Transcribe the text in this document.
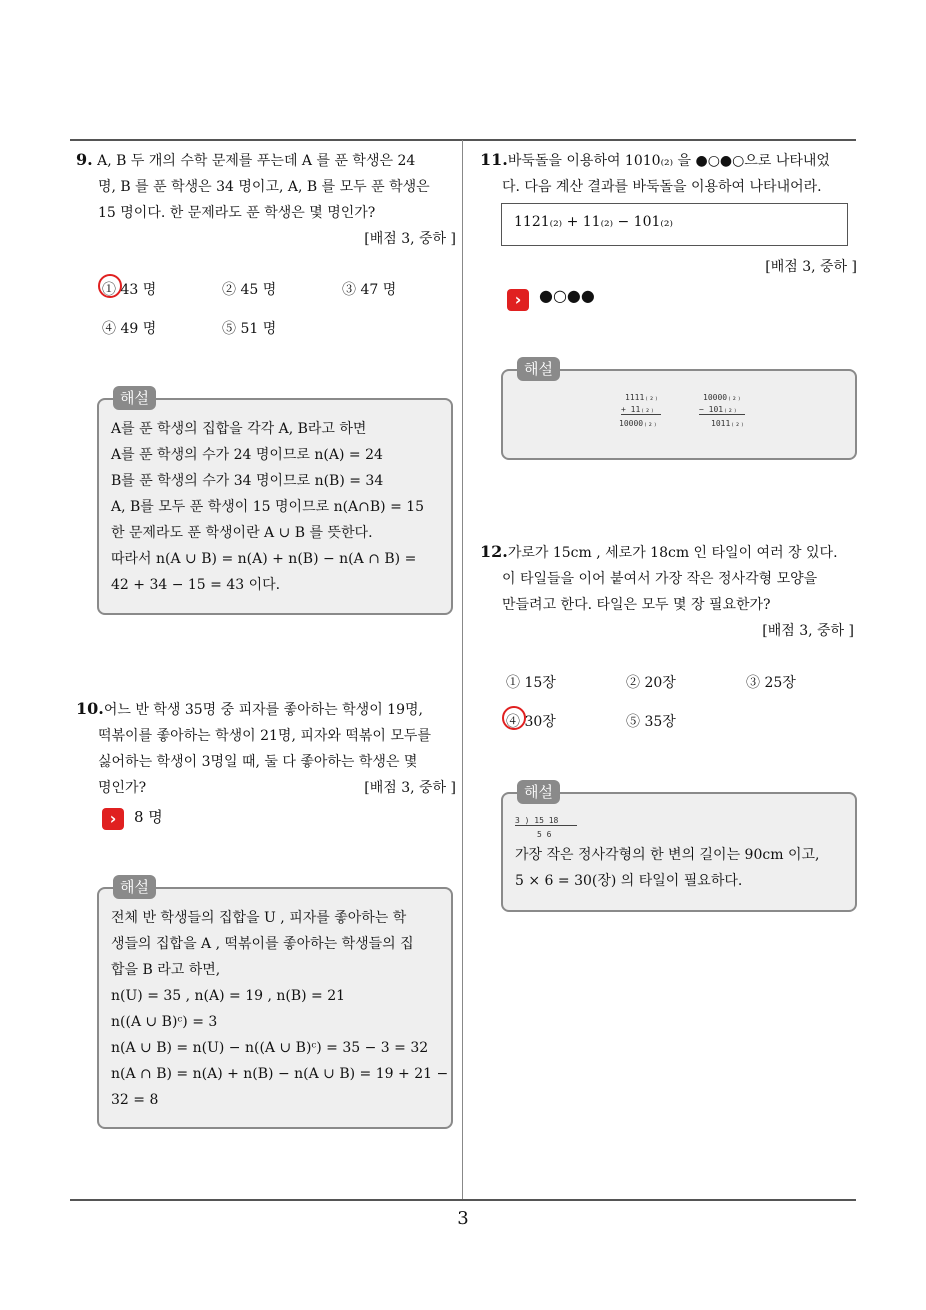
3
9. A, B 두 개의 수학 문제를 푸는데 A 를 푼 학생은 24
명, B 를 푼 학생은 34 명이고, A, B 를 모두 푼 학생은
15 명이다. 한 문제라도 푼 학생은 몇 명인가?
[배점 3, 중하 ]
① 43 명	② 45 명	③ 47 명
④ 49 명	⑤ 51 명
해설
A를 푼 학생의 집합을 각각 A, B라고 하면
A를 푼 학생의 수가 24 명이므로 n(A) = 24
B를 푼 학생의 수가 34 명이므로 n(B) = 34
A, B를 모두 푼 학생이 15 명이므로 n(A∩B) = 15
한 문제라도 푼 학생이란 A ∪ B 를 뜻한다.
따라서 n(A ∪ B) = n(A) + n(B) − n(A ∩ B) =
42 + 34 − 15 = 43 이다.
10.어느 반 학생 35명 중 피자를 좋아하는 학생이 19명,
떡볶이를 좋아하는 학생이 21명, 피자와 떡볶이 모두를
싫어하는 학생이 3명일 때, 둘 다 좋아하는 학생은 몇
명인가?	[배점 3, 중하 ]
›	8 명
해설
전체 반 학생들의 집합을 U , 피자를 좋아하는 학
생들의 집합을 A , 떡볶이를 좋아하는 학생들의 집
합을 B 라고 하면,
n(U) = 35 , n(A) = 19 , n(B) = 21
n((A ∪ B)ᶜ) = 3
n(A ∪ B) = n(U) − n((A ∪ B)ᶜ) = 35 − 3 = 32
n(A ∩ B) = n(A) + n(B) − n(A ∪ B) = 19 + 21 −
32 = 8
11.바둑돌을 이용하여 1010₍₂₎ 을 ●○●○으로 나타내었
다. 다음 계산 결과를 바둑돌을 이용하여 나타내어라.
1121₍₂₎ + 11₍₂₎ − 101₍₂₎
[배점 3, 중하 ]
›	●○●●
해설
1111₍₂₎
+ 11₍₂₎
10000₍₂₎
10000₍₂₎
− 101₍₂₎
1011₍₂₎
12.가로가 15cm , 세로가 18cm 인 타일이 여러 장 있다.
이 타일들을 이어 붙여서 가장 작은 정사각형 모양을
만들려고 한다. 타일은 모두 몇 장 필요한가?
[배점 3, 중하 ]
① 15장	② 20장	③ 25장
④ 30장	⑤ 35장
해설
3 ) 15 18
5 6
가장 작은 정사각형의 한 변의 길이는 90cm 이고,
5 × 6 = 30(장) 의 타일이 필요하다.
